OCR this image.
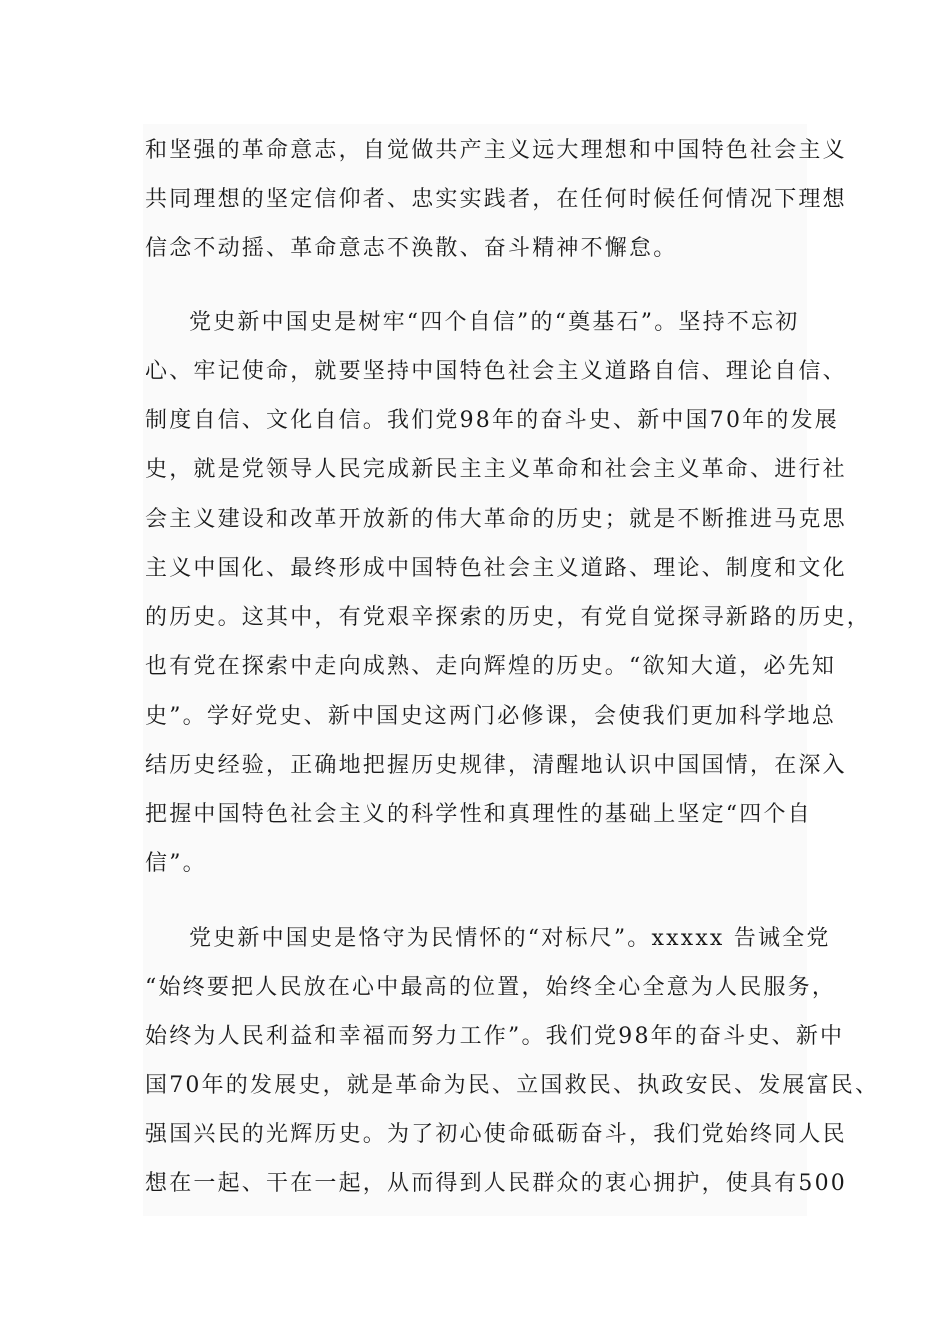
和坚强的革命意志，自觉做共产主义远大理想和中国特色社会主义
共同理想的坚定信仰者、忠实实践者，在任何时候任何情况下理想
信念不动摇、革命意志不涣散、奋斗精神不懈怠。
党史新中国史是树牢“四个自信”的“奠基石”。坚持不忘初
心、牢记使命，就要坚持中国特色社会主义道路自信、理论自信、
制度自信、文化自信。我们党98年的奋斗史、新中国70年的发展
史，就是党领导人民完成新民主主义革命和社会主义革命、进行社
会主义建设和改革开放新的伟大革命的历史；就是不断推进马克思
主义中国化、最终形成中国特色社会主义道路、理论、制度和文化
的历史。这其中，有党艰辛探索的历史，有党自觉探寻新路的历史，
也有党在探索中走向成熟、走向辉煌的历史。“欲知大道，必先知
史”。学好党史、新中国史这两门必修课，会使我们更加科学地总
结历史经验，正确地把握历史规律，清醒地认识中国国情，在深入
把握中国特色社会主义的科学性和真理性的基础上坚定“四个自
信”。
党史新中国史是恪守为民情怀的“对标尺”。xxxxx 告诫全党
“始终要把人民放在心中最高的位置，始终全心全意为人民服务，
始终为人民利益和幸福而努力工作”。我们党98年的奋斗史、新中
国70年的发展史，就是革命为民、立国救民、执政安民、发展富民、
强国兴民的光辉历史。为了初心使命砥砺奋斗，我们党始终同人民
想在一起、干在一起，从而得到人民群众的衷心拥护，使具有500
